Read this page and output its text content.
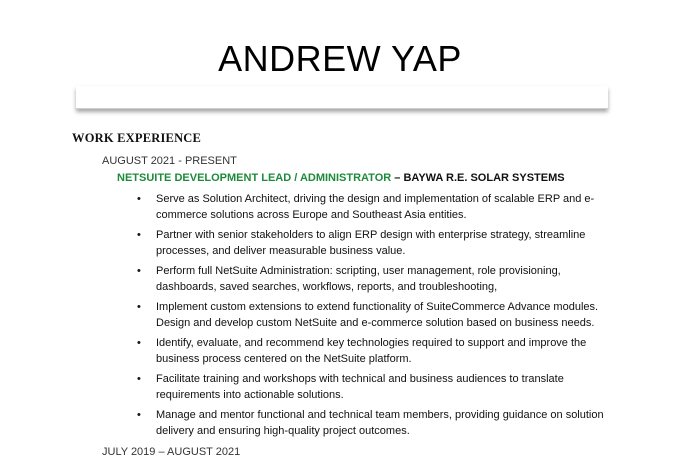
ANDREW YAP
WORK EXPERIENCE
AUGUST 2021 - PRESENT
NETSUITE DEVELOPMENT LEAD / ADMINISTRATOR – BAYWA R.E. SOLAR SYSTEMS
• Serve as Solution Architect, driving the design and implementation of scalable ERP and e-commerce solutions across Europe and Southeast Asia entities.
• Partner with senior stakeholders to align ERP design with enterprise strategy, streamline processes, and deliver measurable business value.
• Perform full NetSuite Administration: scripting, user management, role provisioning, dashboards, saved searches, workflows, reports, and troubleshooting,
• Implement custom extensions to extend functionality of SuiteCommerce Advance modules. Design and develop custom NetSuite and e-commerce solution based on business needs.
• Identify, evaluate, and recommend key technologies required to support and improve the business process centered on the NetSuite platform.
• Facilitate training and workshops with technical and business audiences to translate requirements into actionable solutions.
• Manage and mentor functional and technical team members, providing guidance on solution delivery and ensuring high-quality project outcomes.
JULY 2019 – AUGUST 2021
